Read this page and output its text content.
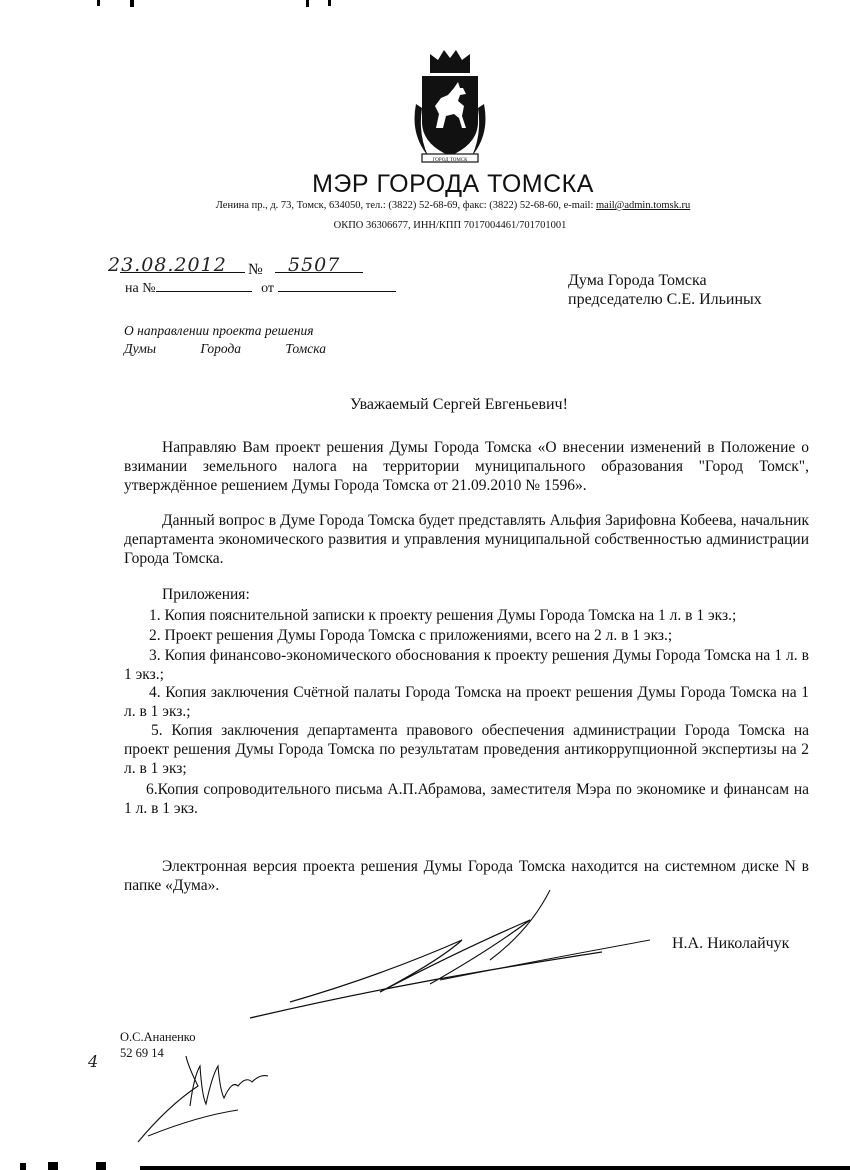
ГОРОД ТОМСК
МЭР ГОРОДА ТОМСКА
Ленина пр., д. 73, Томск, 634050, тел.: (3822) 52-68-69, факс: (3822) 52-68-60, e-mail: mail@admin.tomsk.ru
ОКПО 36306677, ИНН/КПП 7017004461/701701001
23.08.2012 № 5507
на №	от	Дума Города Томска
председателю С.Е. Ильиных
О направлении проекта решения
Думы	Города	Томска
Уважаемый Сергей Евгеньевич!
Направляю Вам проект решения Думы Города Томска «О внесении изменений в Положение о взимании земельного налога на территории муниципального образования "Город Томск", утверждённое решением Думы Города Томска от 21.09.2010 № 1596».
Данный вопрос в Думе Города Томска будет представлять Альфия Зарифовна Кобеева, начальник департамента экономического развития и управления муниципальной собственностью администрации Города Томска.
Приложения:
1. Копия пояснительной записки к проекту решения Думы Города Томска на 1 л. в 1 экз.;
2. Проект решения Думы Города Томска с приложениями, всего на 2 л. в 1 экз.;
3. Копия финансово-экономического обоснования к проекту решения Думы Города Томска на 1 л. в 1 экз.;
4. Копия заключения Счётной палаты Города Томска на проект решения Думы Города Томска на 1 л. в 1 экз.;
5. Копия заключения департамента правового обеспечения администрации Города Томска на проект решения Думы Города Томска по результатам проведения антикоррупционной экспертизы на 2 л. в 1 экз;
6.Копия сопроводительного письма А.П.Абрамова, заместителя Мэра по экономике и финансам на 1 л. в 1 экз.
Электронная версия проекта решения Думы Города Томска находится на системном диске N в папке «Дума».
Н.А. Николайчук
О.С.Ананенко
52 69 14
4
